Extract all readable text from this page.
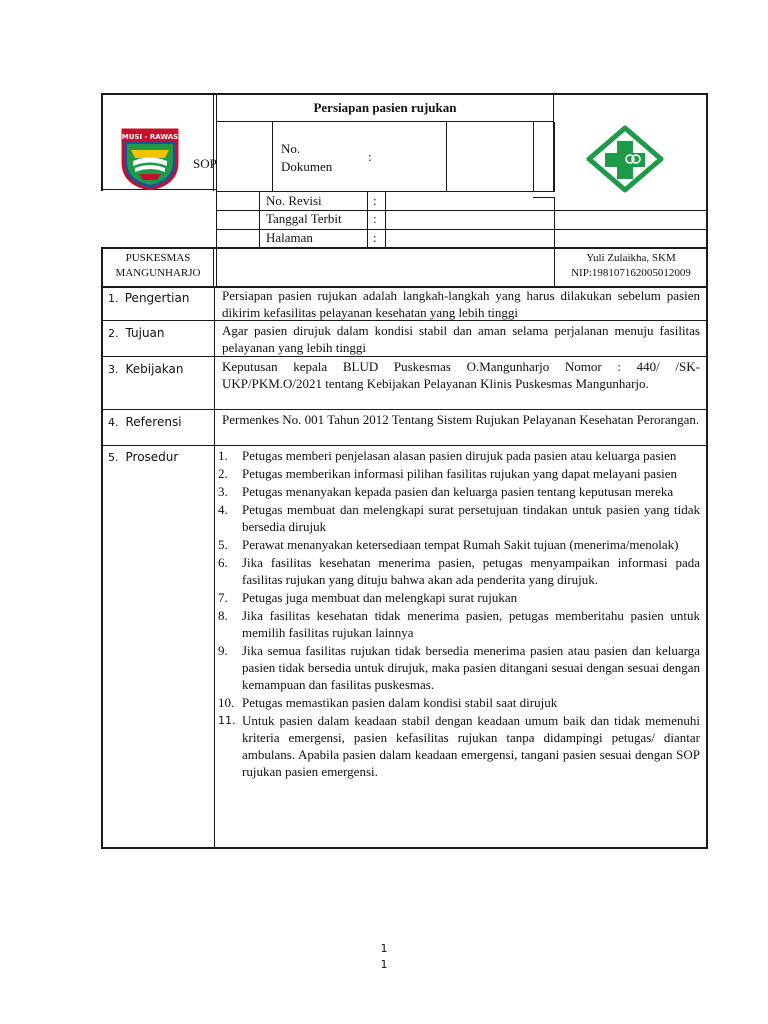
MUSI - RAWAS
SOP
Persiapan pasien rujukan
No. Dokumen
:
No. Revisi	:
Tanggal Terbit :
Halaman	:
PUSKESMAS
MANGUNHARJO
Yuli Zulaikha, SKM
NIP:198107162005012009
1. Pengertian	Persiapan pasien rujukan adalah langkah-langkah yang harus dilakukan sebelum pasien dikirim kefasilitas pelayanan kesehatan yang lebih tinggi
2. Tujuan	Agar pasien dirujuk dalam kondisi stabil dan aman selama perjalanan menuju fasilitas pelayanan yang lebih tinggi
3. Kebijakan	Keputusan kepala BLUD Puskesmas O.Mangunharjo Nomor : 440/ /SK-UKP/PKM.O/2021 tentang Kebijakan Pelayanan Klinis Puskesmas Mangunharjo.
4. Referensi	Permenkes No. 001 Tahun 2012 Tentang Sistem Rujukan Pelayanan Kesehatan Perorangan.
5. Prosedur	1. Petugas memberi penjelasan alasan pasien dirujuk pada pasien atau keluarga pasien
2. Petugas memberikan informasi pilihan fasilitas rujukan yang dapat melayani pasien
3. Petugas menanyakan kepada pasien dan keluarga pasien tentang keputusan mereka
4. Petugas membuat dan melengkapi surat persetujuan tindakan untuk pasien yang tidak bersedia dirujuk
5. Perawat menanyakan ketersediaan tempat Rumah Sakit tujuan (menerima/menolak)
6. Jika fasilitas kesehatan menerima pasien, petugas menyampaikan informasi pada fasilitas rujukan yang dituju bahwa akan ada penderita yang dirujuk.
7. Petugas juga membuat dan melengkapi surat rujukan
8. Jika fasilitas kesehatan tidak menerima pasien, petugas memberitahu pasien untuk memilih fasilitas rujukan lainnya
9. Jika semua fasilitas rujukan tidak bersedia menerima pasien atau pasien dan keluarga pasien tidak bersedia untuk dirujuk, maka pasien ditangani sesuai dengan sesuai dengan kemampuan dan fasilitas puskesmas.
10. Petugas memastikan pasien dalam kondisi stabil saat dirujuk
11. Untuk pasien dalam keadaan stabil dengan keadaan umum baik dan tidak memenuhi kriteria emergensi, pasien kefasilitas rujukan tanpa didampingi petugas/ diantar ambulans. Apabila pasien dalam keadaan emergensi, tangani pasien sesuai dengan SOP rujukan pasien emergensi.
1
1
